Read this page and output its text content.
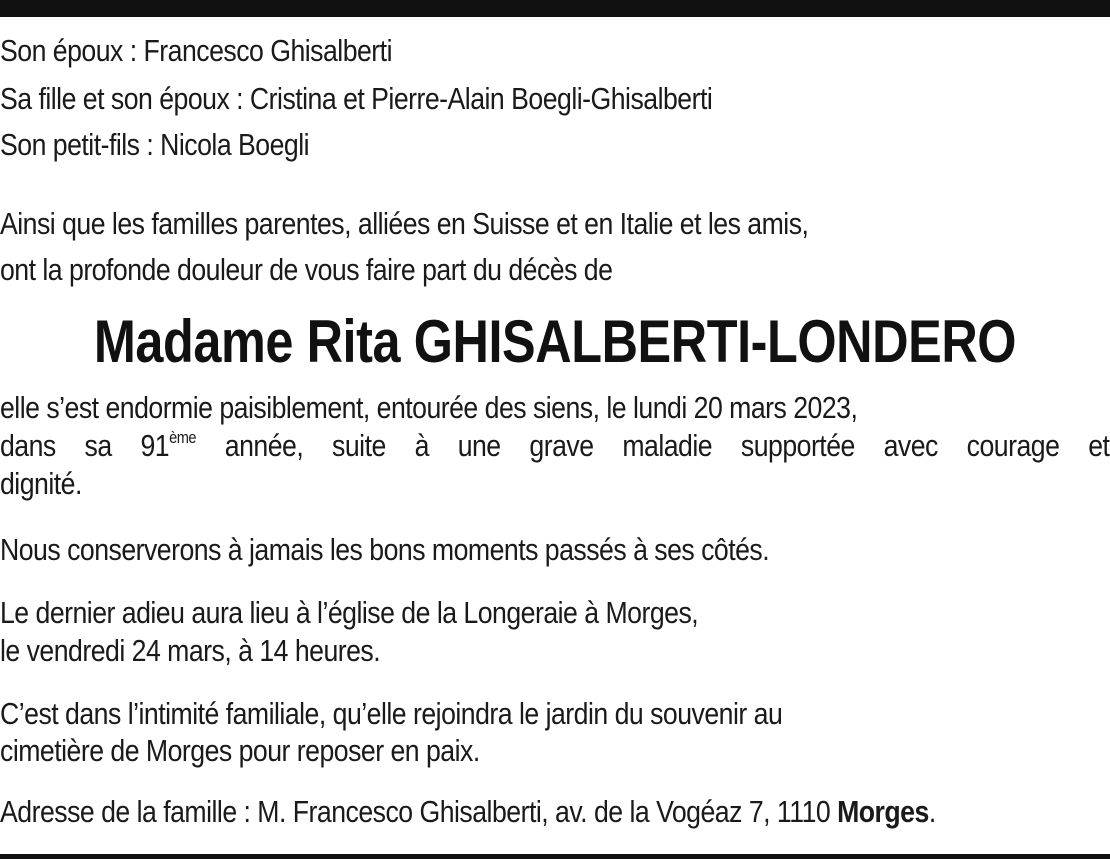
Son époux : Francesco Ghisalberti
Sa fille et son époux : Cristina et Pierre-Alain Boegli-Ghisalberti
Son petit-fils : Nicola Boegli
Ainsi que les familles parentes, alliées en Suisse et en Italie et les amis,
ont la profonde douleur de vous faire part du décès de
Madame Rita GHISALBERTI-LONDERO
elle s’est endormie paisiblement, entourée des siens, le lundi 20 mars 2023,
dans sa 91ème année, suite à une grave maladie supportée avec courage et
dignité.
Nous conserverons à jamais les bons moments passés à ses côtés.
Le dernier adieu aura lieu à l’église de la Longeraie à Morges,
le vendredi 24 mars, à 14 heures.
C’est dans l’intimité familiale, qu’elle rejoindra le jardin du souvenir au
cimetière de Morges pour reposer en paix.
Adresse de la famille : M. Francesco Ghisalberti, av. de la Vogéaz 7, 1110 Morges.
